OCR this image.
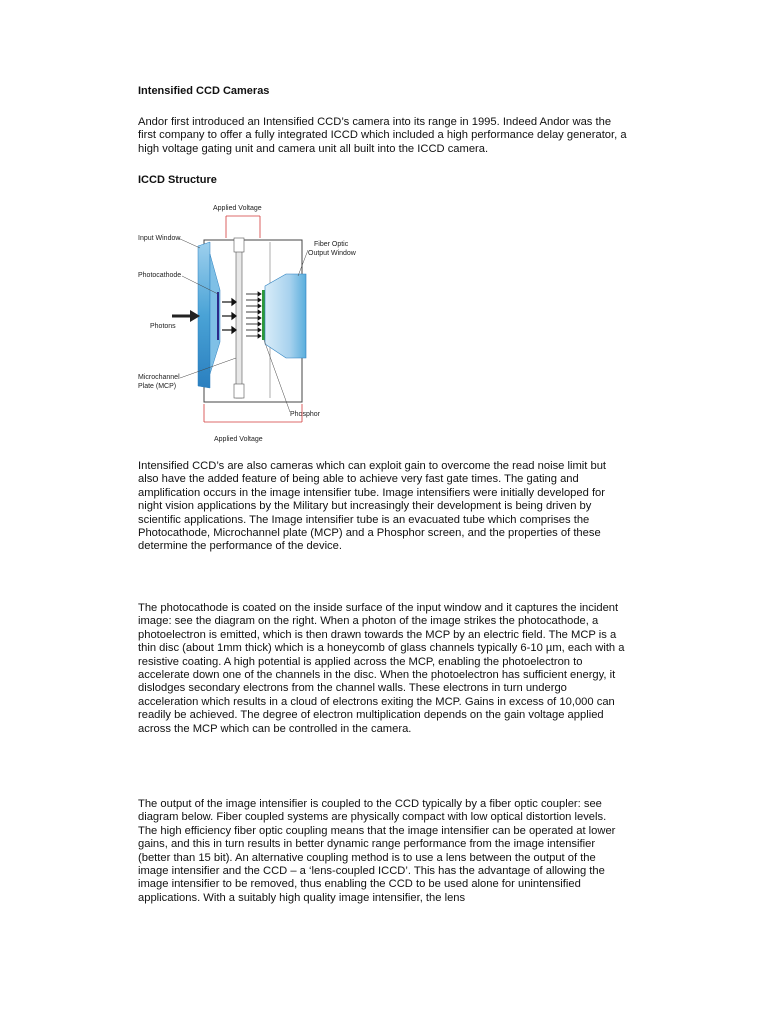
Intensified CCD Cameras

Andor first introduced an Intensified CCD’s camera into its range in 1995. Indeed Andor was the first company to offer a fully integrated ICCD which included a high performance delay generator, a high voltage gating unit and camera unit all built into the ICCD camera.

ICCD Structure
Applied Voltage
Input Window
Fiber Optic
Output Window
Photocathode
Photons
Microchannel
Plate (MCP)
Phosphor
Applied Voltage

Intensified CCD’s are also cameras which can exploit gain to overcome the read noise limit but also have the added feature of being able to achieve very fast gate times. The gating and amplification occurs in the image intensifier tube. Image intensifiers were initially developed for night vision applications by the Military but increasingly their development is being driven by scientific applications. The Image intensifier tube is an evacuated tube which comprises the Photocathode, Microchannel plate (MCP) and a Phosphor screen, and the properties of these determine the performance of the device.

The photocathode is coated on the inside surface of the input window and it captures the incident image: see the diagram on the right. When a photon of the image strikes the photocathode, a photoelectron is emitted, which is then drawn towards the MCP by an electric field. The MCP is a thin disc (about 1mm thick) which is a honeycomb of glass channels typically 6-10 µm, each with a resistive coating. A high potential is applied across the MCP, enabling the photoelectron to accelerate down one of the channels in the disc. When the photoelectron has sufficient energy, it dislodges secondary electrons from the channel walls. These electrons in turn undergo acceleration which results in a cloud of electrons exiting the MCP. Gains in excess of 10,000 can readily be achieved. The degree of electron multiplication depends on the gain voltage applied across the MCP which can be controlled in the camera.

The output of the image intensifier is coupled to the CCD typically by a fiber optic coupler: see diagram below. Fiber coupled systems are physically compact with low optical distortion levels. The high efficiency fiber optic coupling means that the image intensifier can be operated at lower gains, and this in turn results in better dynamic range performance from the image intensifier (better than 15 bit). An alternative coupling method is to use a lens between the output of the image intensifier and the CCD – a ‘lens-coupled ICCD’. This has the advantage of allowing the image intensifier to be removed, thus enabling the CCD to be used alone for unintensified applications. With a suitably high quality image intensifier, the lens
